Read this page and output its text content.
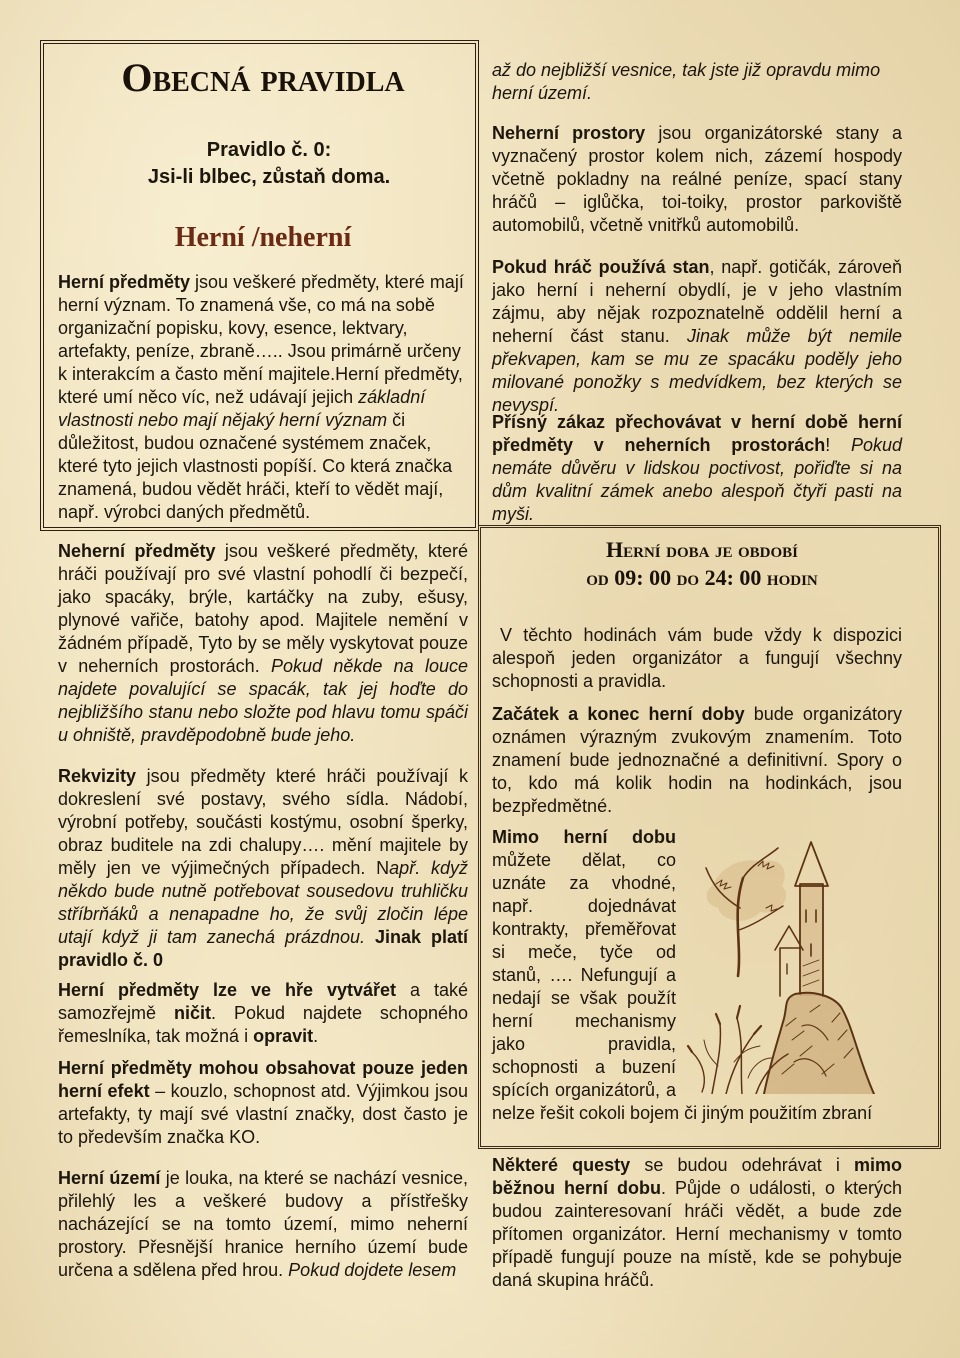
Obecná pravidla

Pravidlo č. 0:

Jsi-li blbec, zůstaň doma.

Herní /neherní

Herní předměty jsou veškeré předměty, které mají herní význam. To znamená vše, co má na sobě organizační popisku, kovy, esence, lektvary, artefakty, peníze, zbraně….. Jsou primárně určeny k interakcím a často mění majitele.Herní předměty, které umí něco víc, než udávají jejich základní vlastnosti nebo mají nějaký herní význam či důležitost, budou označené systémem značek, které tyto jejich vlastnosti popíší. Co která značka znamená, budou vědět hráči, kteří to vědět mají, např. výrobci daných předmětů.

Neherní předměty jsou veškeré předměty, které hráči používají pro své vlastní pohodlí či bezpečí, jako spacáky, brýle, kartáčky na zuby, ešusy, plynové vařiče, batohy apod. Majitele nemění v žádném případě, Tyto by se měly vyskytovat pouze v neherních prostorách. Pokud někde na louce najdete povalující se spacák, tak jej hoďte do nejbližšího stanu nebo složte pod hlavu tomu spáči u ohniště, pravděpodobně bude jeho.

Rekvizity jsou předměty které hráči používají k dokreslení své postavy, svého sídla. Nádobí, výrobní potřeby, součásti kostýmu, osobní šperky, obraz buditele na zdi chalupy…. mění majitele by měly jen ve výjimečných případech. Např. když někdo bude nutně potřebovat sousedovu truhličku stříbrňáků a nenapadne ho, že svůj zločin lépe utají když ji tam zanechá prázdnou. Jinak platí pravidlo č. 0

Herní předměty lze ve hře vytvářet a také samozřejmě ničit. Pokud najdete schopného řemeslníka, tak možná i opravit.

Herní předměty mohou obsahovat pouze jeden herní efekt – kouzlo, schopnost atd. Výjimkou jsou artefakty, ty mají své vlastní značky, dost často je to především značka KO.

Herní území je louka, na které se nachází vesnice, přilehlý les a veškeré budovy a přístřešky nacházející se na tomto území, mimo neherní prostory. Přesnější hranice herního území bude určena a sdělena před hrou. Pokud dojdete lesem

až do nejbližší vesnice, tak jste již opravdu mimo herní území.

Neherní prostory jsou organizátorské stany a vyznačený prostor kolem nich, zázemí hospody včetně pokladny na reálné peníze, spací stany hráčů – iglůčka, toi-toiky, prostor parkoviště automobilů, včetně vnitřků automobilů.

Pokud hráč používá stan, např. gotičák, zároveň jako herní i neherní obydlí, je v jeho vlastním zájmu, aby nějak rozpoznatelně oddělil herní a neherní část stanu. Jinak může být nemile překvapen, kam se mu ze spacáku poděly jeho milované ponožky s medvídkem, bez kterých se nevyspí.

Přísný zákaz přechovávat v herní době herní předměty v neherních prostorách! Pokud nemáte důvěru v lidskou poctivost, pořiďte si na dům kvalitní zámek anebo alespoň čtyři pasti na myši.

Herní doba je období
od 09: 00 do 24: 00 hodin

V těchto hodinách vám bude vždy k dispozici alespoň jeden organizátor a fungují všechny schopnosti a pravidla.

Začátek a konec herní doby bude organizátory oznámen výrazným zvukovým znamením. Toto znamení bude jednoznačné a definitivní. Spory o to, kdo má kolik hodin na hodinkách, jsou bezpředmětné.

Mimo herní dobu můžete dělat, co uznáte za vhodné, např. dojednávat kontrakty, přeměřovat si meče, tyče od stanů, …. Nefungují a nedají se však použít herní mechanismy jako pravidla, schopnosti a buzení spících organizátorů, a nelze řešit cokoli bojem či jiným použitím zbraní

Některé questy se budou odehrávat i mimo běžnou herní dobu. Půjde o události, o kterých budou zainteresovaní hráči vědět, a bude zde přítomen organizátor. Herní mechanismy v tomto případě fungují pouze na místě, kde se pohybuje daná skupina hráčů.
